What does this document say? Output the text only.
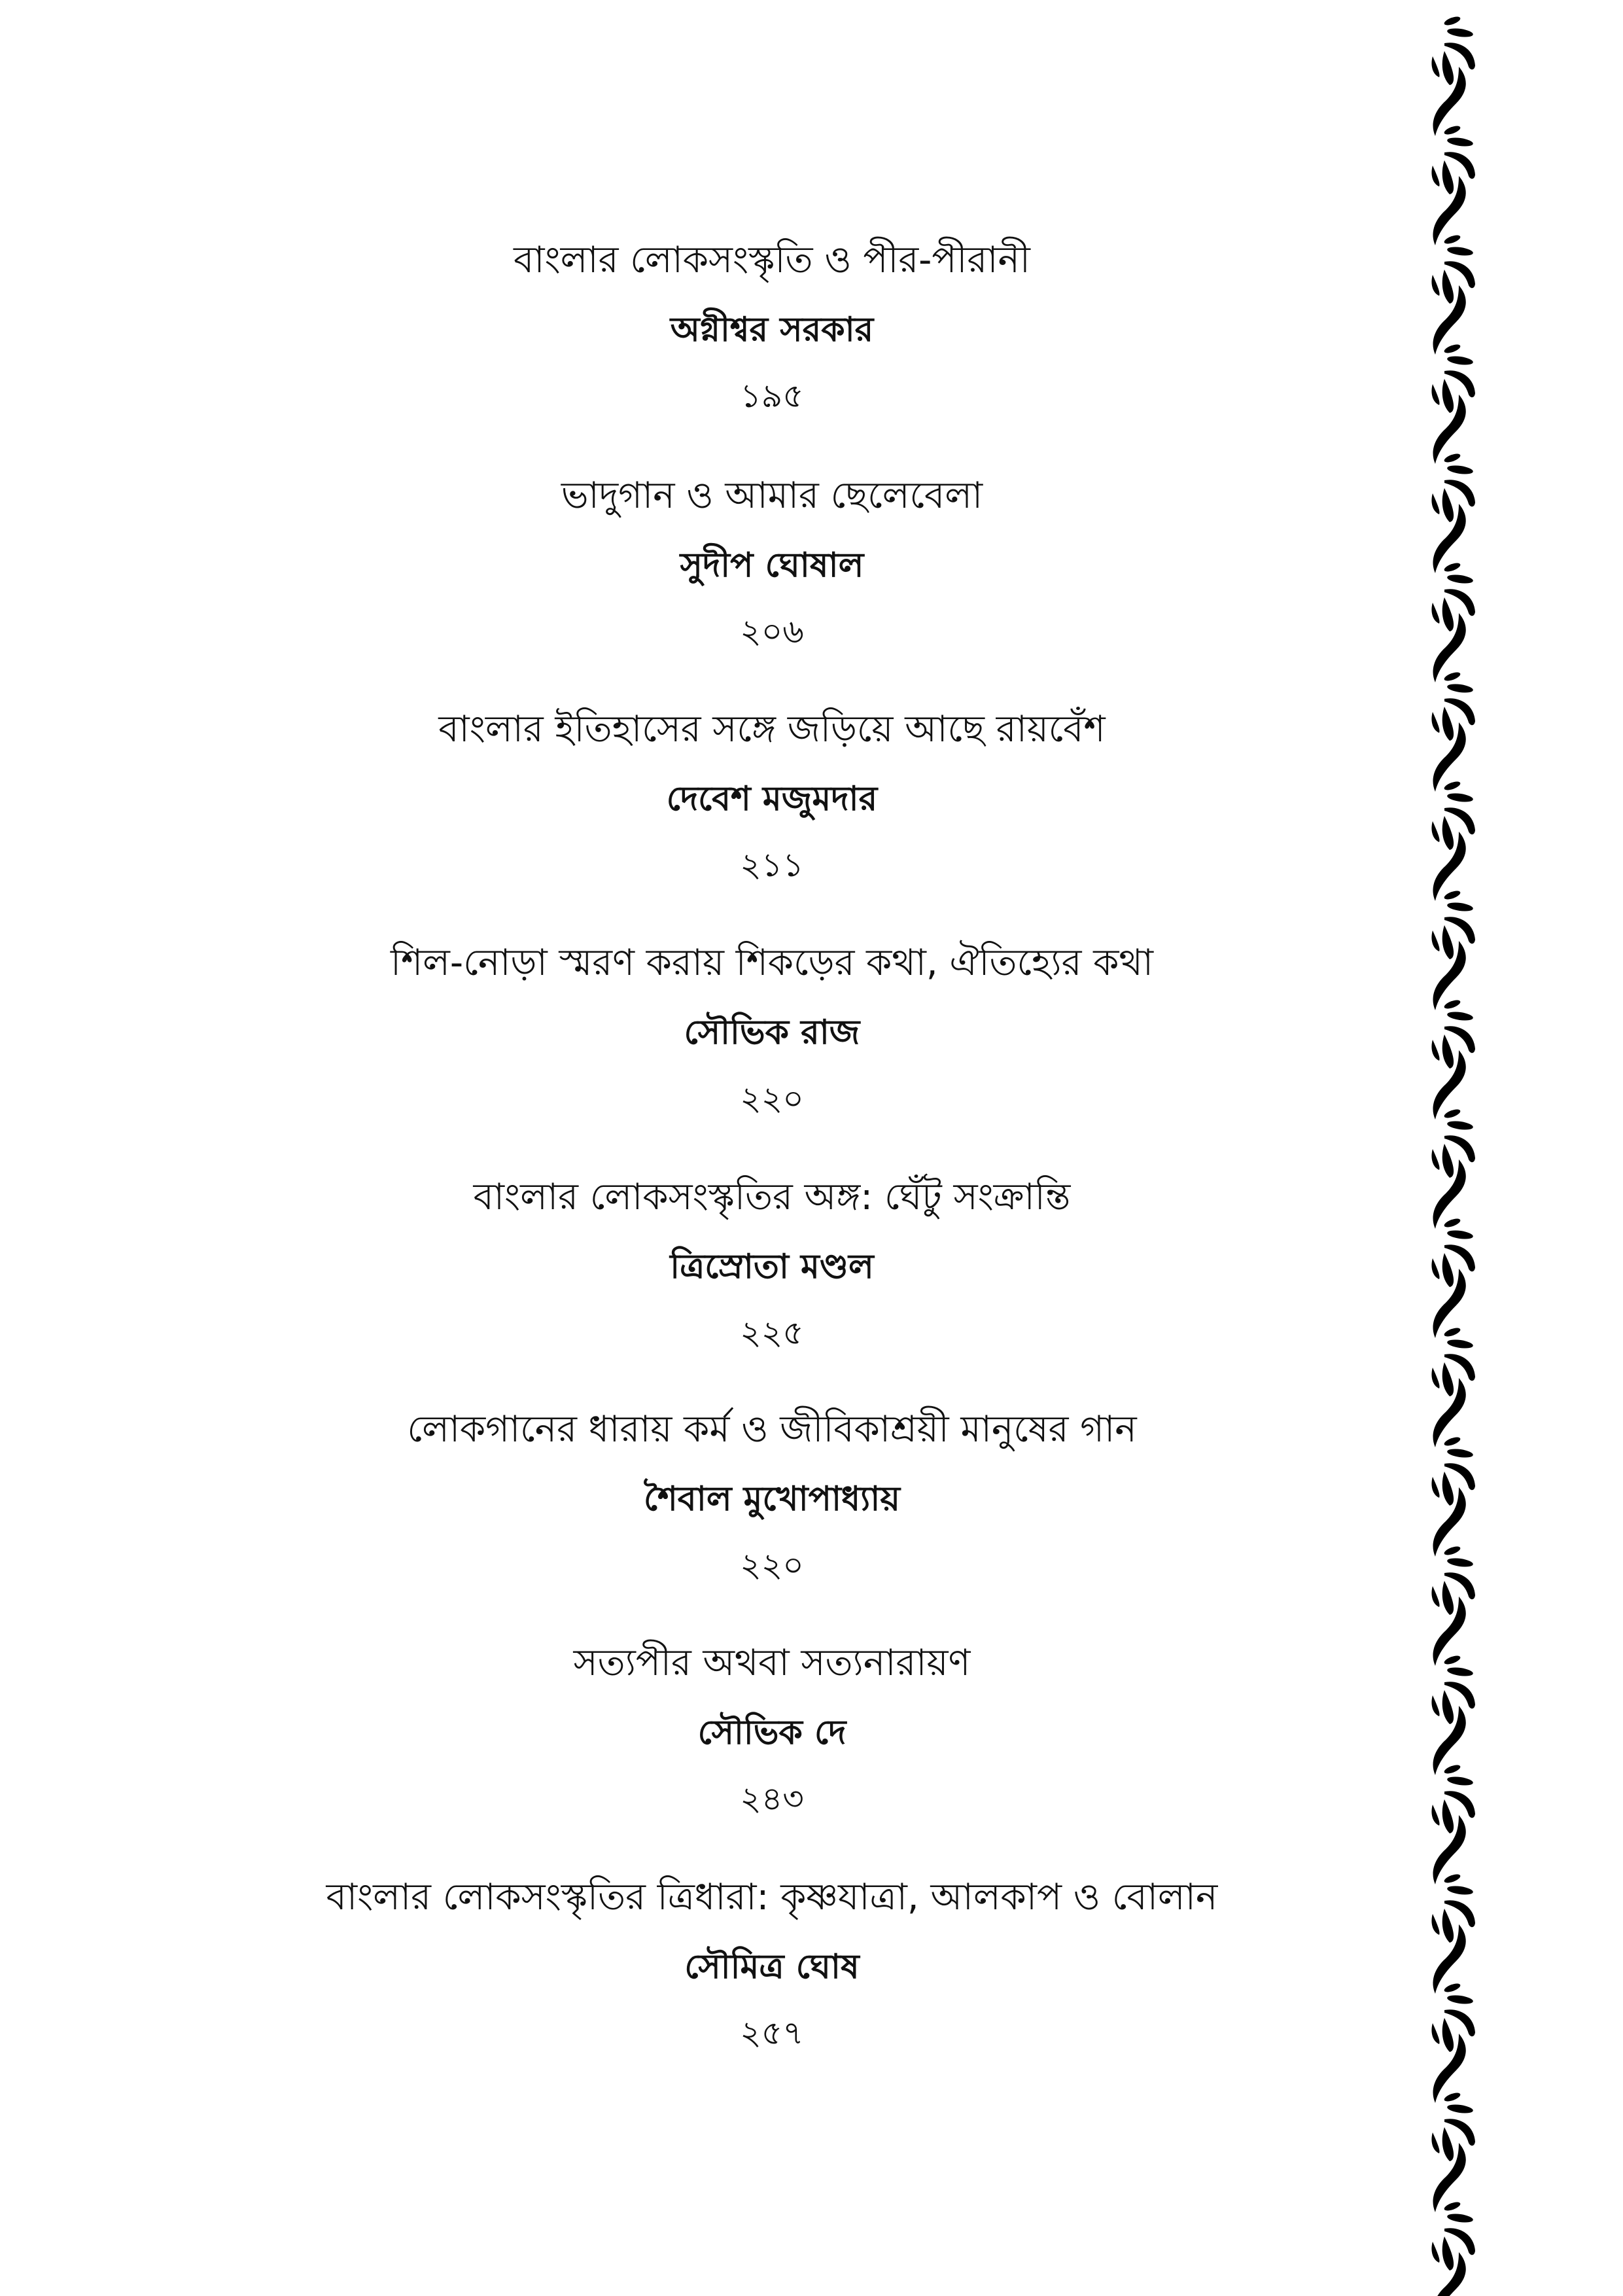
বাংলার লোকসংস্কৃতি ও পীর-পীরানী
অগ্নীশ্বর সরকার
১৯৫
ভাদুগান ও আমার ছেলেবেলা
সুদীপ ঘোষাল
২০৬
বাংলার ইতিহাসের সঙ্গে জড়িয়ে আছে রায়বেঁশ
দেবেশ মজুমদার
২১১
শিল-নোড়া স্মরণ করায় শিকড়ের কথা, ঐতিহ্যের কথা
সৌভিক রাজ
২২০
বাংলার লোকসংস্কৃতির অঙ্গ: ঘেঁটু সংক্রান্তি
ত্রিস্রোতা মণ্ডল
২২৫
লোকগানের ধারায় কর্ম ও জীবিকাশ্রয়ী মানুষের গান
শৈবাল মুখোপাধ্যায়
২২০
সত্যপীর অথবা সত্যনারায়ণ
সৌভিক দে
২৪৩
বাংলার লোকসংস্কৃতির ত্রিধারা: কৃষ্ণযাত্রা, আলকাপ ও বোলান
সৌমিত্র ঘোষ
২৫৭
